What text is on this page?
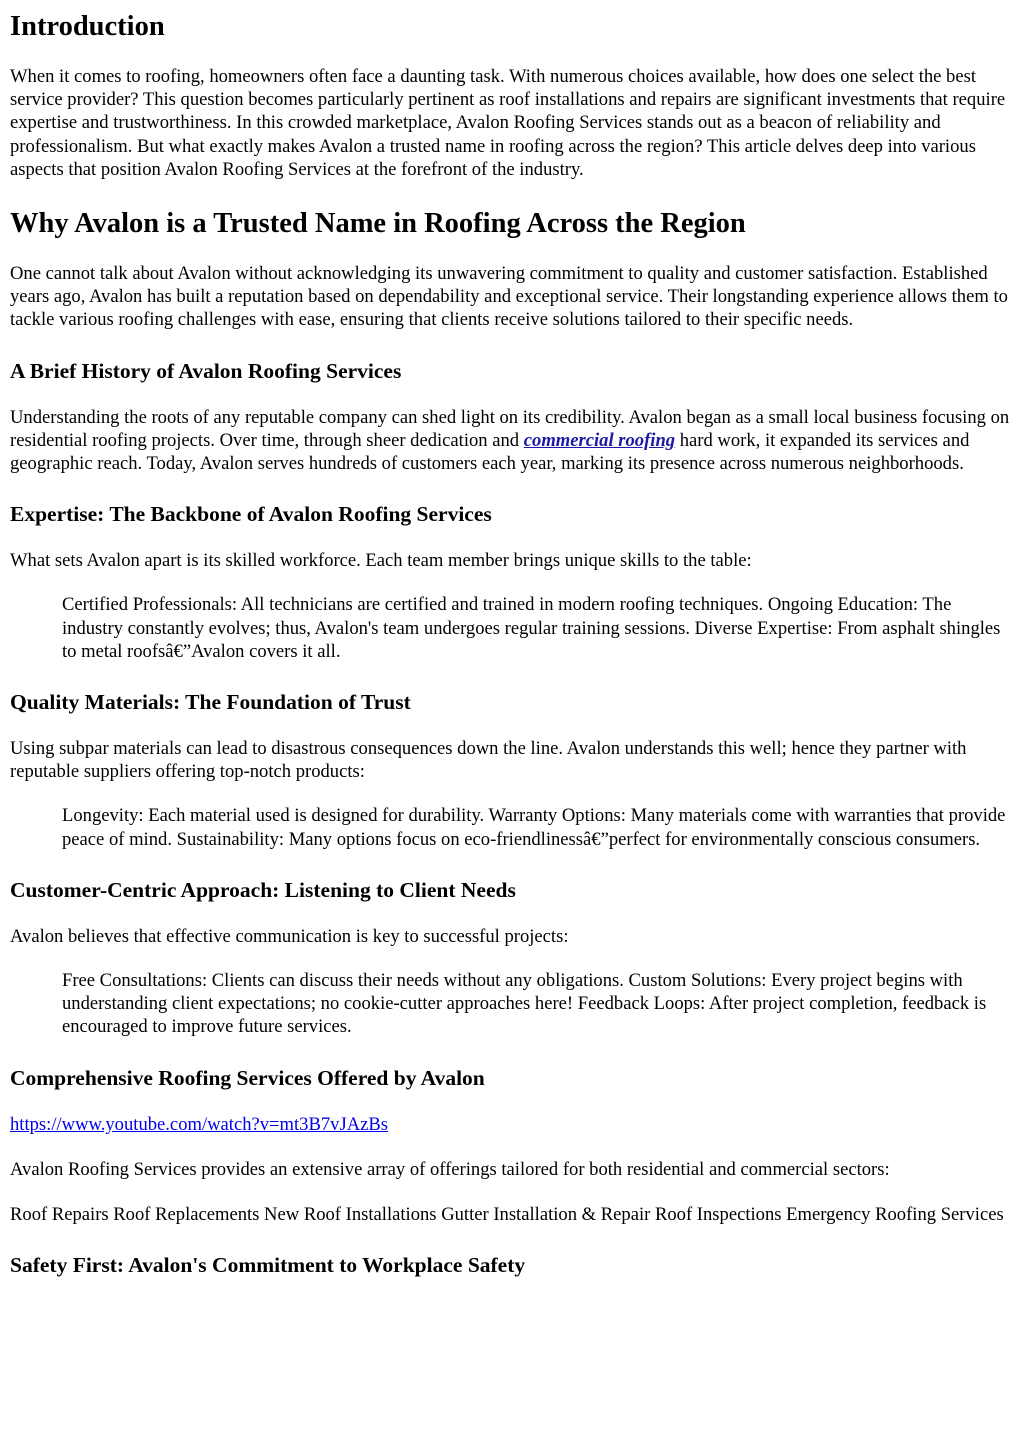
Introduction

When it comes to roofing, homeowners often face a daunting task. With numerous choices available, how does one select the best service provider? This question becomes particularly pertinent as roof installations and repairs are significant investments that require expertise and trustworthiness. In this crowded marketplace, Avalon Roofing Services stands out as a beacon of reliability and professionalism. But what exactly makes Avalon a trusted name in roofing across the region? This article delves deep into various aspects that position Avalon Roofing Services at the forefront of the industry.

Why Avalon is a Trusted Name in Roofing Across the Region

One cannot talk about Avalon without acknowledging its unwavering commitment to quality and customer satisfaction. Established years ago, Avalon has built a reputation based on dependability and exceptional service. Their longstanding experience allows them to tackle various roofing challenges with ease, ensuring that clients receive solutions tailored to their specific needs.

A Brief History of Avalon Roofing Services

Understanding the roots of any reputable company can shed light on its credibility. Avalon began as a small local business focusing on residential roofing projects. Over time, through sheer dedication and commercial roofing hard work, it expanded its services and geographic reach. Today, Avalon serves hundreds of customers each year, marking its presence across numerous neighborhoods.

Expertise: The Backbone of Avalon Roofing Services

What sets Avalon apart is its skilled workforce. Each team member brings unique skills to the table:

Certified Professionals: All technicians are certified and trained in modern roofing techniques. Ongoing Education: The industry constantly evolves; thus, Avalon's team undergoes regular training sessions. Diverse Expertise: From asphalt shingles to metal roofsâ€”Avalon covers it all.
Quality Materials: The Foundation of Trust

Using subpar materials can lead to disastrous consequences down the line. Avalon understands this well; hence they partner with reputable suppliers offering top-notch products:

Longevity: Each material used is designed for durability. Warranty Options: Many materials come with warranties that provide peace of mind. Sustainability: Many options focus on eco-friendlinessâ€”perfect for environmentally conscious consumers.
Customer-Centric Approach: Listening to Client Needs

Avalon believes that effective communication is key to successful projects:

Free Consultations: Clients can discuss their needs without any obligations. Custom Solutions: Every project begins with understanding client expectations; no cookie-cutter approaches here! Feedback Loops: After project completion, feedback is encouraged to improve future services.
Comprehensive Roofing Services Offered by Avalon

https://www.youtube.com/watch?v=mt3B7vJAzBs

Avalon Roofing Services provides an extensive array of offerings tailored for both residential and commercial sectors:

Roof Repairs Roof Replacements New Roof Installations Gutter Installation & Repair Roof Inspections Emergency Roofing Services

Safety First: Avalon's Commitment to Workplace Safety
